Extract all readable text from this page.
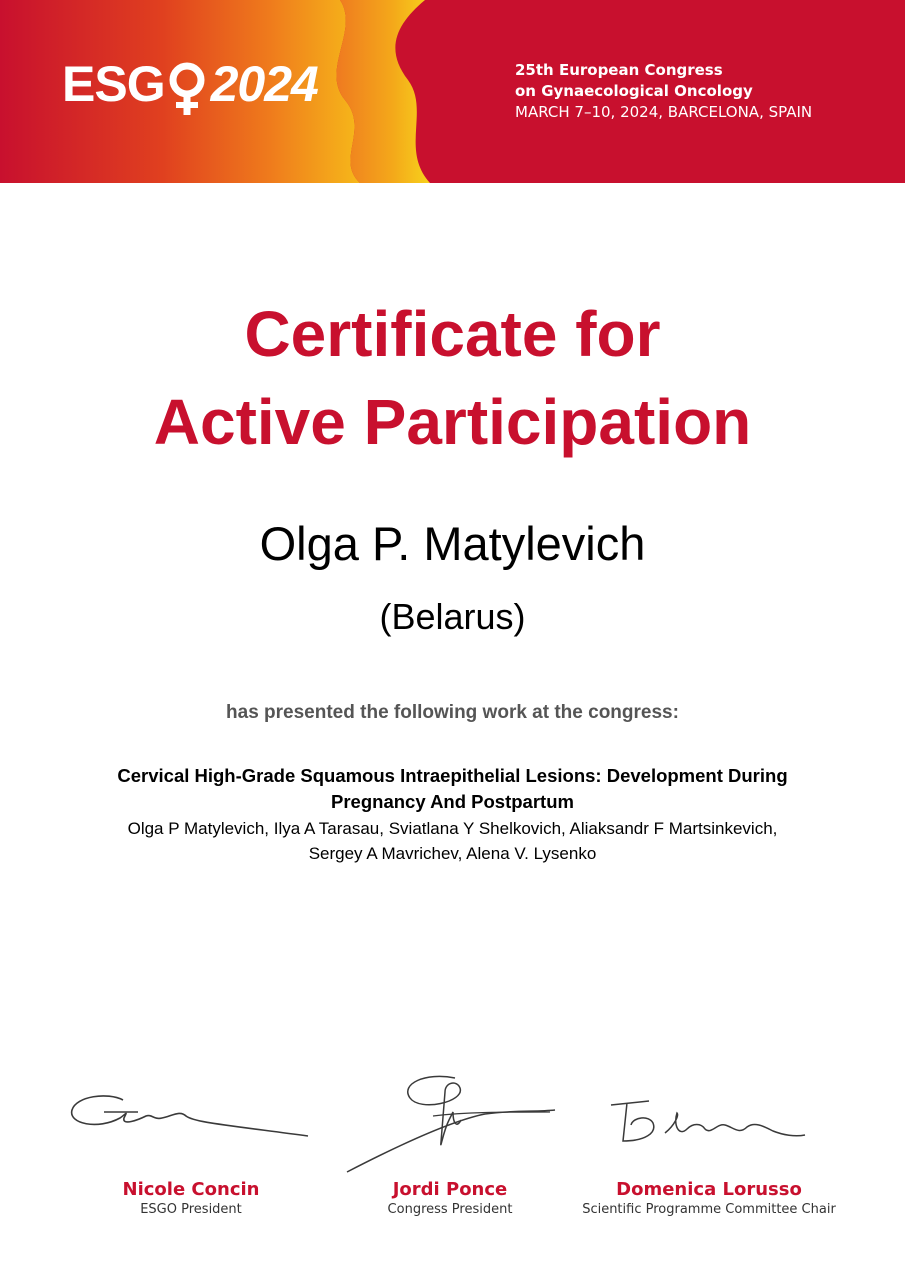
ESG 2024	25th European Congress
on Gynaecological Oncology
MARCH 7–10, 2024, BARCELONA, SPAIN
Certificate for
Active Participation
Olga P. Matylevich
(Belarus)
has presented the following work at the congress:
Cervical High-Grade Squamous Intraepithelial Lesions: Development During
Pregnancy And Postpartum
Olga P Matylevich, Ilya A Tarasau, Sviatlana Y Shelkovich, Aliaksandr F Martsinkevich,
Sergey A Mavrichev, Alena V. Lysenko
Nicole Concin
ESGO President
Jordi Ponce
Congress President
Domenica Lorusso
Scientific Programme Committee Chair
